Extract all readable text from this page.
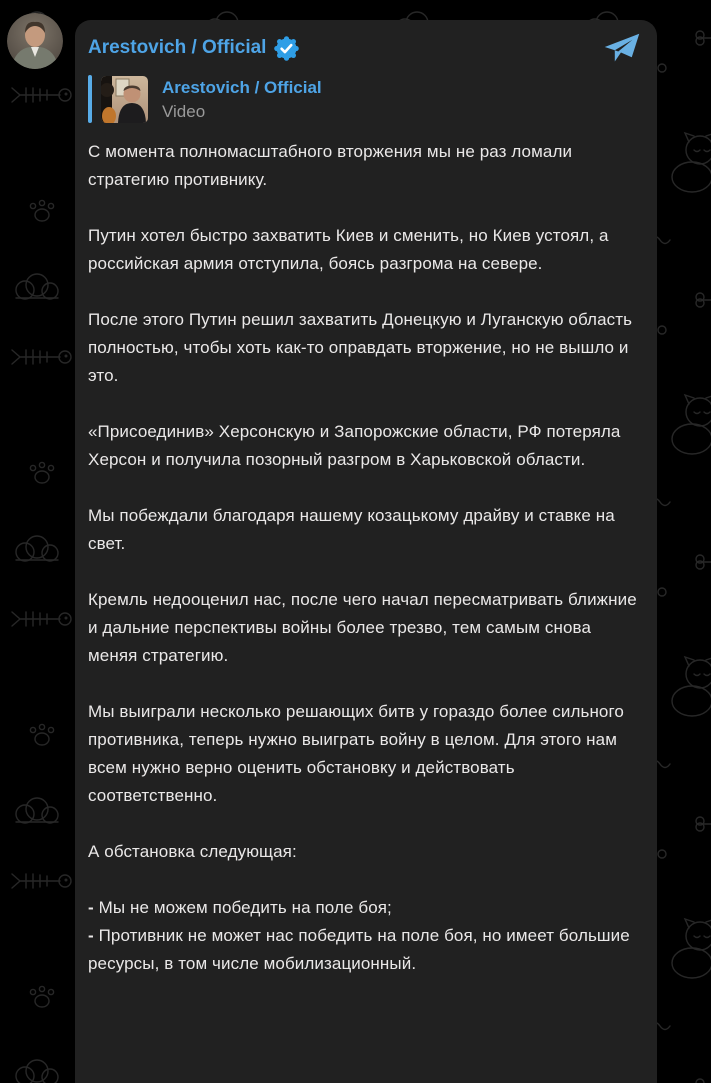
Arestovich / Official
Arestovich / Official
Video

С момента полномасштабного вторжения мы не раз ломали стратегию противнику.

Путин хотел быстро захватить Киев и сменить, но Киев устоял, а российская армия отступила, боясь разгрома на севере.

После этого Путин решил захватить Донецкую и Луганскую область полностью, чтобы хоть как-то оправдать вторжение, но не вышло и это.

«Присоединив» Херсонскую и Запорожские области, РФ потеряла Херсон и получила позорный разгром в Харьковской области.

Мы побеждали благодаря нашему козацькому драйву и ставке на свет.

Кремль недооценил нас, после чего начал пересматривать ближние и дальние перспективы войны более трезво, тем самым снова меняя стратегию.

Мы выиграли несколько решающих битв у гораздо более сильного противника, теперь нужно выиграть войну в целом. Для этого нам всем нужно верно оценить обстановку и действовать соответственно.

А обстановка следующая:

- Мы не можем победить на поле боя;
- Противник не может нас победить на поле боя, но имеет большие ресурсы, в том числе мобилизационный.
